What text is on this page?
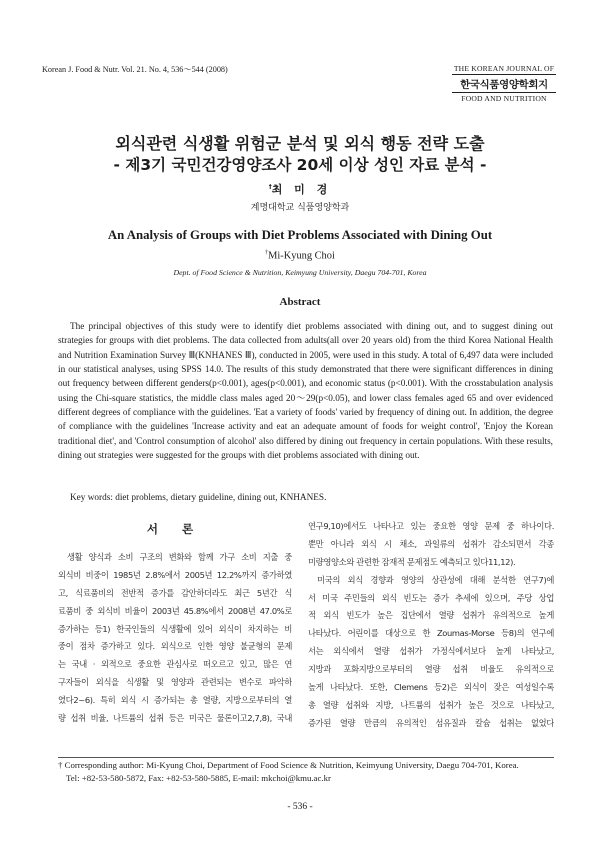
Korean J. Food & Nutr. Vol. 21. No. 4, 536～544 (2008)	THE KOREAN JOURNAL OF
한국식품영양학회지
FOOD AND NUTRITION
외식관련 식생활 위험군 분석 및 외식 행동 전략 도출
- 제3기 국민건강영양조사 20세 이상 성인 자료 분석 -
†최 미 경
계명대학교 식품영양학과
An Analysis of Groups with Diet Problems Associated with Dining Out
†Mi-Kyung Choi
Dept. of Food Science & Nutrition, Keimyung University, Daegu 704-701, Korea
Abstract

The principal objectives of this study were to identify diet problems associated with dining out, and to suggest dining out strategies for groups with diet problems. The data collected from adults(all over 20 years old) from the third Korea National Health and Nutrition Examination Survey Ⅲ(KNHANES Ⅲ), conducted in 2005, were used in this study. A total of 6,497 data were included in our statistical analyses, using SPSS 14.0. The results of this study demonstrated that there were significant differences in dining out frequency between different genders(p<0.001), ages(p<0.001), and economic status (p<0.001). With the crosstabulation analysis using the Chi-square statistics, the middle class males aged 20～29(p<0.05), and lower class females aged 65 and over evidenced different degrees of compliance with the guidelines. 'Eat a variety of foods' varied by frequency of dining out. In addition, the degree of compliance with the guidelines 'Increase activity and eat an adequate amount of foods for weight control', 'Enjoy the Korean traditional diet', and 'Control consumption of alcohol' also differed by dining out frequency in certain populations. With these results, dining out strategies were suggested for the groups with diet problems associated with dining out.

Key words: diet problems, dietary guideline, dining out, KNHANES.
서 론
생활 양식과 소비 구조의 변화와 함께 가구 소비 지출 중
외식비 비중이 1985년 2.8%에서 2005년 12.2%까지 증가하였
고, 식료품비의 전반적 증가를 감안하더라도 최근 5년간 식
료품비 중 외식비 비율이 2003년 45.8%에서 2008년 47.0%로
증가하는 등1) 한국인들의 식생활에 있어 외식이 차지하는 비
중이 점차 증가하고 있다. 외식으로 인한 영양 불균형의 문제
는 국내 · 외적으로 중요한 관심사로 떠오르고 있고, 많은 연
구자들이 외식을 식생활 및 영양과 관련되는 변수로 파악하
였다2~6). 특히 외식 시 증가되는 총 열량, 지방으로부터의 열
량 섭취 비율, 나트륨의 섭취 등은 미국은 물론이고2,7,8), 국내
연구9,10)에서도 나타나고 있는 중요한 영양 문제 중 하나이다.
뿐만 아니라 외식 시 채소, 과일류의 섭취가 감소되면서 각종
미량영양소와 관련한 잠재적 문제점도 예측되고 있다11,12).
미국의 외식 경향과 영양의 상관성에 대해 분석한 연구7)에
서 미국 주민들의 외식 빈도는 증가 추세에 있으며, 주당 상업
적 외식 빈도가 높은 집단에서 열량 섭취가 유의적으로 높게
나타났다. 어린이를 대상으로 한 Zoumas-Morse 등8)의 연구에
서는 외식에서 열량 섭취가 가정식에서보다 높게 나타났고,
지방과 포화지방으로부터의 열량 섭취 비율도 유의적으로
높게 나타났다. 또한, Clemens 등2)은 외식이 잦은 여성일수록
총 열량 섭취와 지방, 나트륨의 섭취가 높은 것으로 나타났고,
증가된 열량 만큼의 유의적인 섬유질과 칼슘 섭취는 없었다
† Corresponding author: Mi-Kyung Choi, Department of Food Science & Nutrition, Keimyung University, Daegu 704-701, Korea.
Tel: +82-53-580-5872, Fax: +82-53-580-5885, E-mail: mkchoi@kmu.ac.kr
- 536 -
